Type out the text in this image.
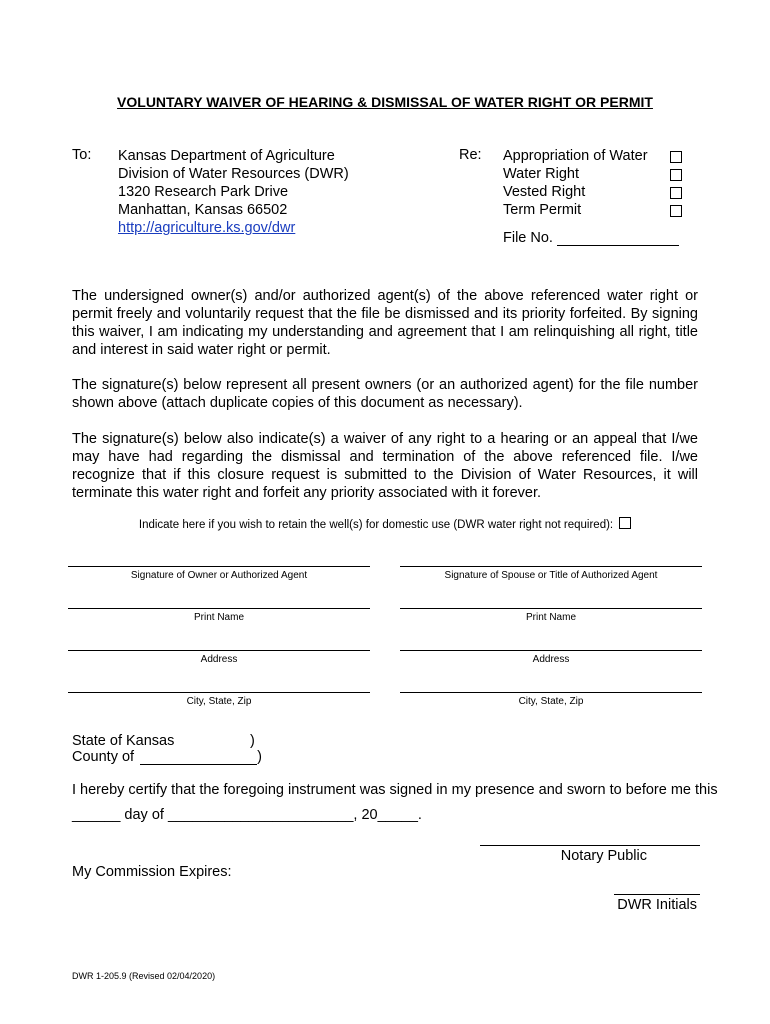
VOLUNTARY WAIVER OF HEARING & DISMISSAL OF WATER RIGHT OR PERMIT
To: Kansas Department of Agriculture
Division of Water Resources (DWR)
1320 Research Park Drive
Manhattan, Kansas 66502
http://agriculture.ks.gov/dwr
Re: Appropriation of Water
Water Right
Vested Right
Term Permit
File No.
The undersigned owner(s) and/or authorized agent(s) of the above referenced water right or permit freely and voluntarily request that the file be dismissed and its priority forfeited. By signing this waiver, I am indicating my understanding and agreement that I am relinquishing all right, title and interest in said water right or permit.
The signature(s) below represent all present owners (or an authorized agent) for the file number shown above (attach duplicate copies of this document as necessary).
The signature(s) below also indicate(s) a waiver of any right to a hearing or an appeal that I/we may have had regarding the dismissal and termination of the above referenced file. I/we recognize that if this closure request is submitted to the Division of Water Resources, it will terminate this water right and forfeit any priority associated with it forever.
Indicate here if you wish to retain the well(s) for domestic use (DWR water right not required):
Signature of Owner or Authorized Agent
Print Name
Address
City, State, Zip
Signature of Spouse or Title of Authorized Agent
Print Name
Address
City, State, Zip
State of Kansas	)
County of	)
I hereby certify that the foregoing instrument was signed in my presence and sworn to before me this
______ day of _______________________, 20_____.
Notary Public
My Commission Expires:
DWR Initials
DWR 1-205.9 (Revised 02/04/2020)
